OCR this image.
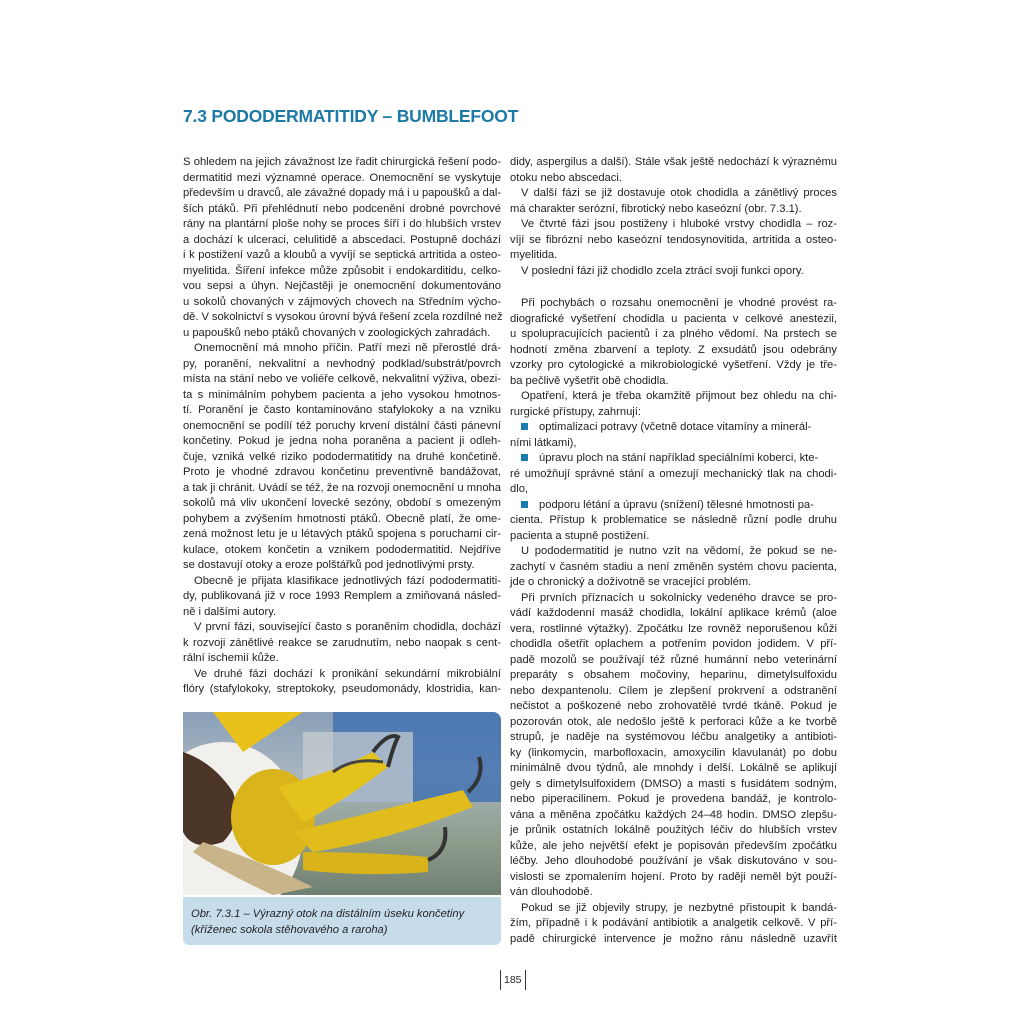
7.3 PODODERMATITIDY – BUMBLEFOOT
S ohledem na jejich závažnost lze řadit chirurgická řešení podo-
dermatitid mezi významné operace. Onemocnění se vyskytuje
především u dravců, ale závažné dopady má i u papoušků a dal-
ších ptáků. Při přehlédnutí nebo podcenění drobné povrchové
rány na plantární ploše nohy se proces šíří i do hlubších vrstev
a dochází k ulceraci, celulitidě a abscedaci. Postupně dochází
i k postižení vazů a kloubů a vyvíjí se septická artritida a osteo-
myelitida. Šíření infekce může způsobit i endokarditidu, celko-
vou sepsi a úhyn. Nejčastěji je onemocnění dokumentováno
u sokolů chovaných v zájmových chovech na Středním výcho-
dě. V sokolnictví s vysokou úrovní bývá řešení zcela rozdílné než
u papoušků nebo ptáků chovaných v zoologických zahradách.
Onemocnění má mnoho příčin. Patří mezi ně přerostlé drá-
py, poranění, nekvalitní a nevhodný podklad/substrát/povrch
místa na stání nebo ve voliéře celkově, nekvalitní výživa, obezi-
ta s minimálním pohybem pacienta a jeho vysokou hmotnos-
tí. Poranění je často kontaminováno stafylokoky a na vzniku
onemocnění se podílí též poruchy krvení distální části pánevní
končetiny. Pokud je jedna noha poraněna a pacient ji odleh-
čuje, vzniká velké riziko pododermatitidy na druhé končetině.
Proto je vhodné zdravou končetinu preventivně bandážovat,
a tak ji chránit. Uvádí se též, že na rozvoji onemocnění u mnoha
sokolů má vliv ukončení lovecké sezóny, období s omezeným
pohybem a zvýšením hmotnosti ptáků. Obecně platí, že ome-
zená možnost letu je u létavých ptáků spojena s poruchami cir-
kulace, otokem končetin a vznikem pododermatitid. Nejdříve
se dostavují otoky a eroze polštářků pod jednotlivými prsty.
Obecně je přijata klasifikace jednotlivých fází pododermatiti-
dy, publikovaná již v roce 1993 Remplem a zmiňovaná násled-
ně i dalšími autory.
V první fázi, související často s poraněním chodidla, dochází
k rozvoji zánětlivé reakce se zarudnutím, nebo naopak s cent-
rální ischemií kůže.
Ve druhé fázi dochází k pronikání sekundární mikrobiální
flóry (stafylokoky, streptokoky, pseudomonády, klostridia, kan-
didy, aspergilus a další). Stále však ještě nedochází k výraznému
otoku nebo abscedaci.
V další fázi se již dostavuje otok chodidla a zánětlivý proces
má charakter serózní, fibrotický nebo kaseózní (obr. 7.3.1).
Ve čtvrté fázi jsou postiženy i hluboké vrstvy chodidla – roz-
víjí se fibrózní nebo kaseózní tendosynovitida, artritida a osteo-
myelitida.
V poslední fázi již chodidlo zcela ztrácí svoji funkci opory.
Při pochybách o rozsahu onemocnění je vhodné provést ra-
diografické vyšetření chodidla u pacienta v celkové anestezii,
u spolupracujících pacientů i za plného vědomí. Na prstech se
hodnotí změna zbarvení a teploty. Z exsudátů jsou odebrány
vzorky pro cytologické a mikrobiologické vyšetření. Vždy je tře-
ba pečlivě vyšetřit obě chodidla.
Opatření, která je třeba okamžitě přijmout bez ohledu na chi-
rurgické přístupy, zahrnují:
optimalizaci potravy (včetně dotace vitamíny a minerál-
ními látkami),
úpravu ploch na stání například speciálními koberci, kte-
ré umožňují správné stání a omezují mechanický tlak na chodi-
dlo,
podporu létání a úpravu (snížení) tělesné hmotnosti pa-
cienta. Přístup k problematice se následně různí podle druhu
pacienta a stupně postižení.
U pododermatitid je nutno vzít na vědomí, že pokud se ne-
zachytí v časném stadiu a není změněn systém chovu pacienta,
jde o chronický a doživotně se vracející problém.
Při prvních příznacích u sokolnicky vedeného dravce se pro-
vádí každodenní masáž chodidla, lokální aplikace krémů (aloe
vera, rostlinné výtažky). Zpočátku lze rovněž neporušenou kůži
chodidla ošetřit oplachem a potřením povidon jodidem. V pří-
padě mozolů se používají též různé humánní nebo veterinární
preparáty s obsahem močoviny, heparinu, dimetylsulfoxidu
nebo dexpantenolu. Cílem je zlepšení prokrvení a odstranění
nečistot a poškozené nebo zrohovatělé tvrdé tkáně. Pokud je
pozorován otok, ale nedošlo ještě k perforaci kůže a ke tvorbě
strupů, je naděje na systémovou léčbu analgetiky a antibioti-
ky (linkomycin, marbofloxacin, amoxycilin klavulanát) po dobu
minimálně dvou týdnů, ale mnohdy i delší. Lokálně se aplikují
gely s dimetylsulfoxidem (DMSO) a masti s fusidátem sodným,
nebo piperacilinem. Pokud je provedena bandáž, je kontrolo-
vána a měněna zpočátku každých 24–48 hodin. DMSO zlepšu-
je průnik ostatních lokálně použitých léčiv do hlubších vrstev
kůže, ale jeho největší efekt je popisován především zpočátku
léčby. Jeho dlouhodobé používání je však diskutováno v sou-
vislosti se zpomalením hojení. Proto by raději neměl být použí-
ván dlouhodobě.
Pokud se již objevily strupy, je nezbytné přistoupit k bandá-
žím, případně i k podávání antibiotik a analgetik celkově. V pří-
padě chirurgické intervence je možno ránu následně uzavřít
Obr. 7.3.1 – Výrazný otok na distálním úseku končetiny
(kříženec sokola stěhovavého a raroha)
185
